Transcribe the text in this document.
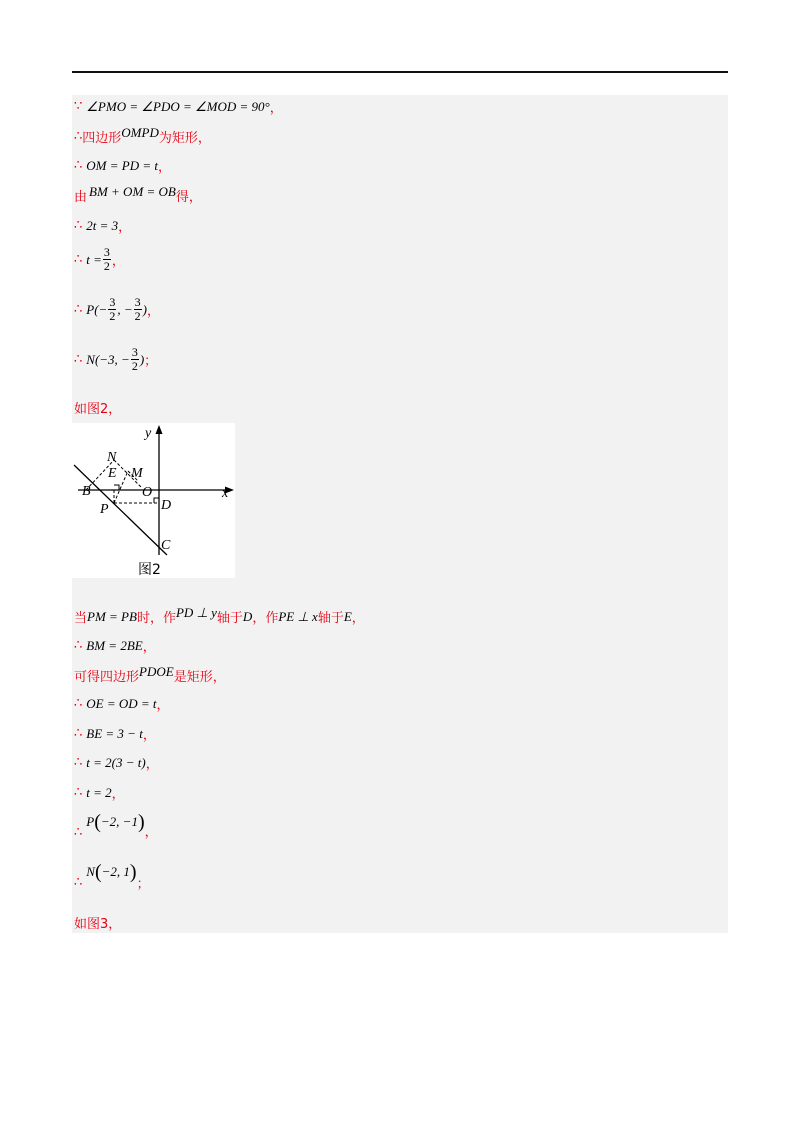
∵ ∠PMO = ∠PDO = ∠MOD = 90° ，
∴ 四边形 OMPD 为矩形，
∴ OM = PD = t ，
由 BM + OM = OB 得，
∴ 2t = 3 ，
∴ $t = \frac{3}{2}$ ，
∴ $P(- \frac{3}{2}$ , − $\frac{3}{2}$ ) ，
∴ N(−3, − $\frac{3}{2}$ ) ；
如图2，
y
x
N
E M
B	O
D
P
C
图2
当 PM = PB 时，作 PD ⊥ y 轴于 D ，作 PE ⊥ x 轴于 E ，
∴ BM = 2BE ，
可得四边形 PDOE 是矩形，
∴ OE = OD = t ，
∴ BE = 3 − t ，
∴ t = 2(3 − t) ，
∴ t = 2 ，
∴
P ( −2, −1 ) ，
∴
N ( −2, 1 )
；
如图3，
